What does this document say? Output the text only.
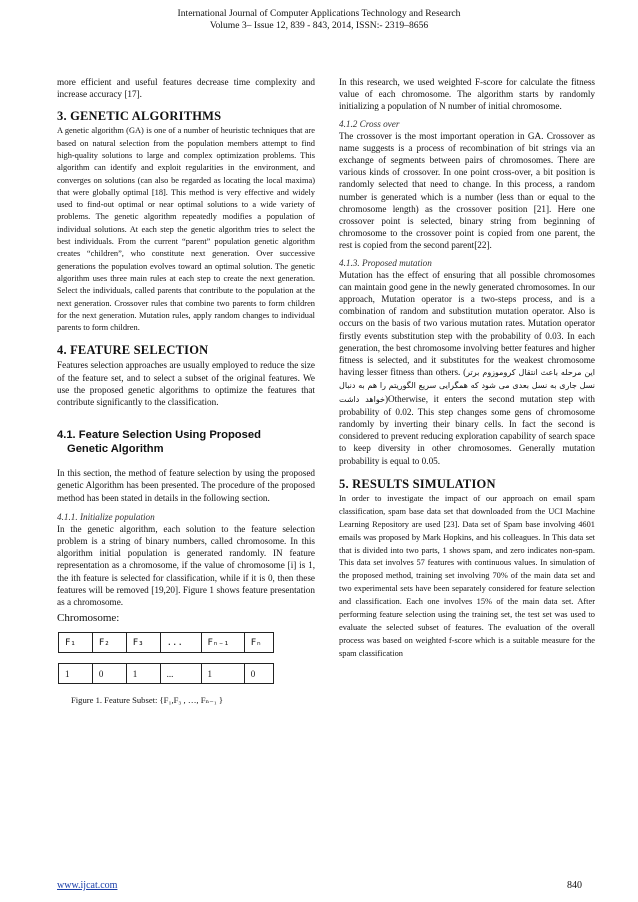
International Journal of Computer Applications Technology and Research
Volume 3– Issue 12, 839 - 843, 2014, ISSN:- 2319–8656

more efficient and useful features decrease time complexity and increase accuracy [17].

3. GENETIC ALGORITHMS

A genetic algorithm (GA) is one of a number of heuristic techniques that are based on natural selection from the population members attempt to find high-quality solutions to large and complex optimization problems. This algorithm can identify and exploit regularities in the environment, and converges on solutions (can also be regarded as locating the local maxima) that were globally optimal [18]. This method is very effective and widely used to find-out optimal or near optimal solutions to a wide variety of problems. The genetic algorithm repeatedly modifies a population of individual solutions. At each step the genetic algorithm tries to select the best individuals. From the current “parent” population genetic algorithm creates “children”, who constitute next generation. Over successive generations the population evolves toward an optimal solution. The genetic algorithm uses three main rules at each step to create the next generation. Select the individuals, called parents that contribute to the population at the next generation. Crossover rules that combine two parents to form children for the next generation. Mutation rules, apply random changes to individual parents to form children.

4. FEATURE SELECTION

Features selection approaches are usually employed to reduce the size of the feature set, and to select a subset of the original features. We use the proposed genetic algorithms to optimize the features that contribute significantly to the classification.

4.1. Feature Selection Using Proposed
Genetic Algorithm

In this section, the method of feature selection by using the proposed genetic Algorithm has been presented. The procedure of the proposed method has been stated in details in the following section.

4.1.1. Initialize population

In the genetic algorithm, each solution to the feature selection problem is a string of binary numbers, called chromosome. In this algorithm initial population is generated randomly. IN feature representation as a chromosome, if the value of chromosome [i] is 1, the ith feature is selected for classification, while if it is 0, then these features will be removed [19,20]. Figure 1 shows feature presentation as a chromosome.

Chromosome:
F₁	F₂	F₃	...	Fₙ₋₁	Fₙ
1	0	1	...	1	0
Figure 1. Feature Subset: {F₁,F₃ , …, Fₙ₋₁ }

In this research, we used weighted F-score for calculate the fitness value of each chromosome. The algorithm starts by randomly initializing a population of N number of initial chromosome.

4.1.2 Cross over

The crossover is the most important operation in GA. Crossover as name suggests is a process of recombination of bit strings via an exchange of segments between pairs of chromosomes. There are various kinds of crossover. In one point cross-over, a bit position is randomly selected that need to change. In this process, a random number is generated which is a number (less than or equal to the chromosome length) as the crossover position [21]. Here one crossover point is selected, binary string from beginning of chromosome to the crossover point is copied from one parent, the rest is copied from the second parent[22].

4.1.3. Proposed mutation

Mutation has the effect of ensuring that all possible chromosomes can maintain good gene in the newly generated chromosomes. In our approach, Mutation operator is a two-steps process, and is a combination of random and substitution mutation operator. Also is occurs on the basis of two various mutation rates. Mutation operator firstly events substitution step with the probability of 0.03. In each generation, the best chromosome involving better features and higher fitness is selected, and it substitutes for the weakest chromosome having lesser fitness than others. (این مرحله باعث انتقال کروموزوم برتر نسل جاری به نسل بعدی می شود که همگرایی سریع الگوریتم را هم به دنبال خواهد داشت)Otherwise, it enters the second mutation step with probability of 0.02. This step changes some gens of chromosome randomly by inverting their binary cells. In fact the second is considered to prevent reducing exploration capability of search space to keep diversity in other chromosomes. Generally mutation probability is equal to 0.05.

5. RESULTS SIMULATION

In order to investigate the impact of our approach on email spam classification, spam base data set that downloaded from the UCI Machine Learning Repository are used [23]. Data set of Spam base involving 4601 emails was proposed by Mark Hopkins, and his colleagues. In This data set that is divided into two parts, 1 shows spam, and zero indicates non-spam. This data set involves 57 features with continuous values. In simulation of the proposed method, training set involving 70% of the main data set and two experimental sets have been separately considered for feature selection and classification. Each one involves 15% of the main data set. After performing feature selection using the training set, the test set was used to evaluate the selected subset of features. The evaluation of the overall process was based on weighted f-score which is a suitable measure for the spam classification

www.ijcat.com	840
